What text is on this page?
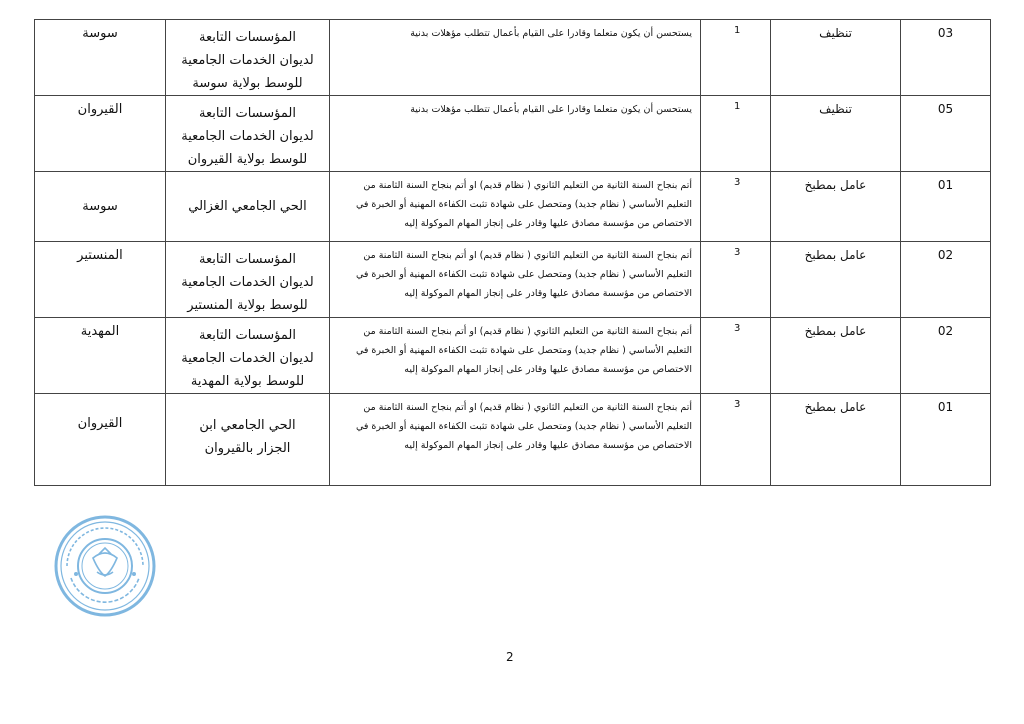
سوسة	المؤسسات التابعة لديوان الخدمات الجامعية للوسط بولاية سوسة	يستحسن أن يكون متعلما وقادرا على القيام بأعمال تتطلب مؤهلات بدنية	1	تنظيف	03

القيروان	المؤسسات التابعة لديوان الخدمات الجامعية للوسط بولاية القيروان	يستحسن أن يكون متعلما وقادرا على القيام بأعمال تتطلب مؤهلات بدنية	1	تنظيف	05

سوسة	الحي الجامعي الغزالي	أتم بنجاح السنة الثانية من التعليم الثانوي ( نظام قديم) او أتم بنجاح السنة الثامنة من التعليم الأساسي ( نظام جديد) ومتحصل على شهادة تثبت الكفاءة المهنية أو الخبرة في الاختصاص من مؤسسة مصادق عليها وقادر على إنجاز المهام الموكولة إليه	3	عامل بمطبخ	01

المنستير	المؤسسات التابعة لديوان الخدمات الجامعية للوسط بولاية المنستير	أتم بنجاح السنة الثانية من التعليم الثانوي ( نظام قديم) او أتم بنجاح السنة الثامنة من التعليم الأساسي ( نظام جديد) ومتحصل على شهادة تثبت الكفاءة المهنية أو الخبرة في الاختصاص من مؤسسة مصادق عليها وقادر على إنجاز المهام الموكولة إليه	3	عامل بمطبخ	02

المهدية	المؤسسات التابعة لديوان الخدمات الجامعية للوسط بولاية المهدية	أتم بنجاح السنة الثانية من التعليم الثانوي ( نظام قديم) او أتم بنجاح السنة الثامنة من التعليم الأساسي ( نظام جديد) ومتحصل على شهادة تثبت الكفاءة المهنية أو الخبرة في الاختصاص من مؤسسة مصادق عليها وقادر على إنجاز المهام الموكولة إليه	3	عامل بمطبخ	02

القيروان	الحي الجامعي ابن الجزار بالقيروان	أتم بنجاح السنة الثانية من التعليم الثانوي ( نظام قديم) او أتم بنجاح السنة الثامنة من التعليم الأساسي ( نظام جديد) ومتحصل على شهادة تثبت الكفاءة المهنية أو الخبرة في الاختصاص من مؤسسة مصادق عليها وقادر على إنجاز المهام الموكولة إليه	3	عامل بمطبخ	01
2
